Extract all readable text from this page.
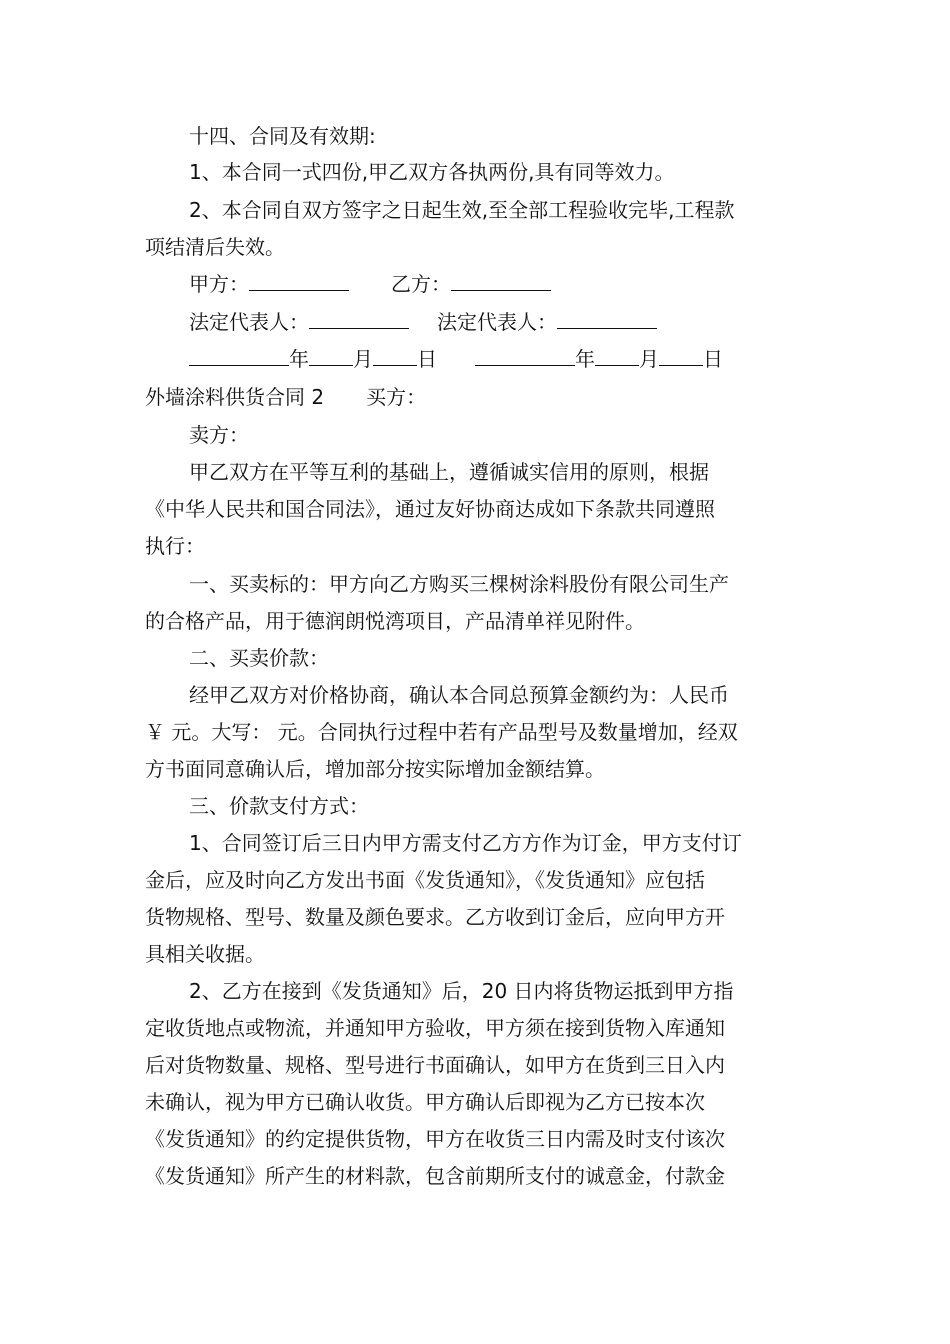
十四、合同及有效期:
1、本合同一式四份,甲乙双方各执两份,具有同等效力。
2、本合同自双方签字之日起生效,至全部工程验收完毕,工程款
项结清后失效。
甲方：	乙方：
法定代表人：	法定代表人：
年 月 日	年 月 日
外墙涂料供货合同 2 买方：
卖方：
甲乙双方在平等互利的基础上，遵循诚实信用的原则，根据
《中华人民共和国合同法》，通过友好协商达成如下条款共同遵照
执行：
一、买卖标的：甲方向乙方购买三棵树涂料股份有限公司生产
的合格产品，用于德润朗悦湾项目，产品清单祥见附件。
二、买卖价款：
经甲乙双方对价格协商，确认本合同总预算金额约为：人民币
￥ 元。大写： 元。合同执行过程中若有产品型号及数量增加，经双
方书面同意确认后，增加部分按实际增加金额结算。
三、价款支付方式：
1、合同签订后三日内甲方需支付乙方方作为订金，甲方支付订
金后，应及时向乙方发出书面《发货通知》，《发货通知》应包括
货物规格、型号、数量及颜色要求。乙方收到订金后，应向甲方开
具相关收据。
2、乙方在接到《发货通知》后，20 日内将货物运抵到甲方指
定收货地点或物流，并通知甲方验收，甲方须在接到货物入库通知
后对货物数量、规格、型号进行书面确认，如甲方在货到三日入内
未确认，视为甲方已确认收货。甲方确认后即视为乙方已按本次
《发货通知》的约定提供货物，甲方在收货三日内需及时支付该次
《发货通知》所产生的材料款，包含前期所支付的诚意金，付款金
